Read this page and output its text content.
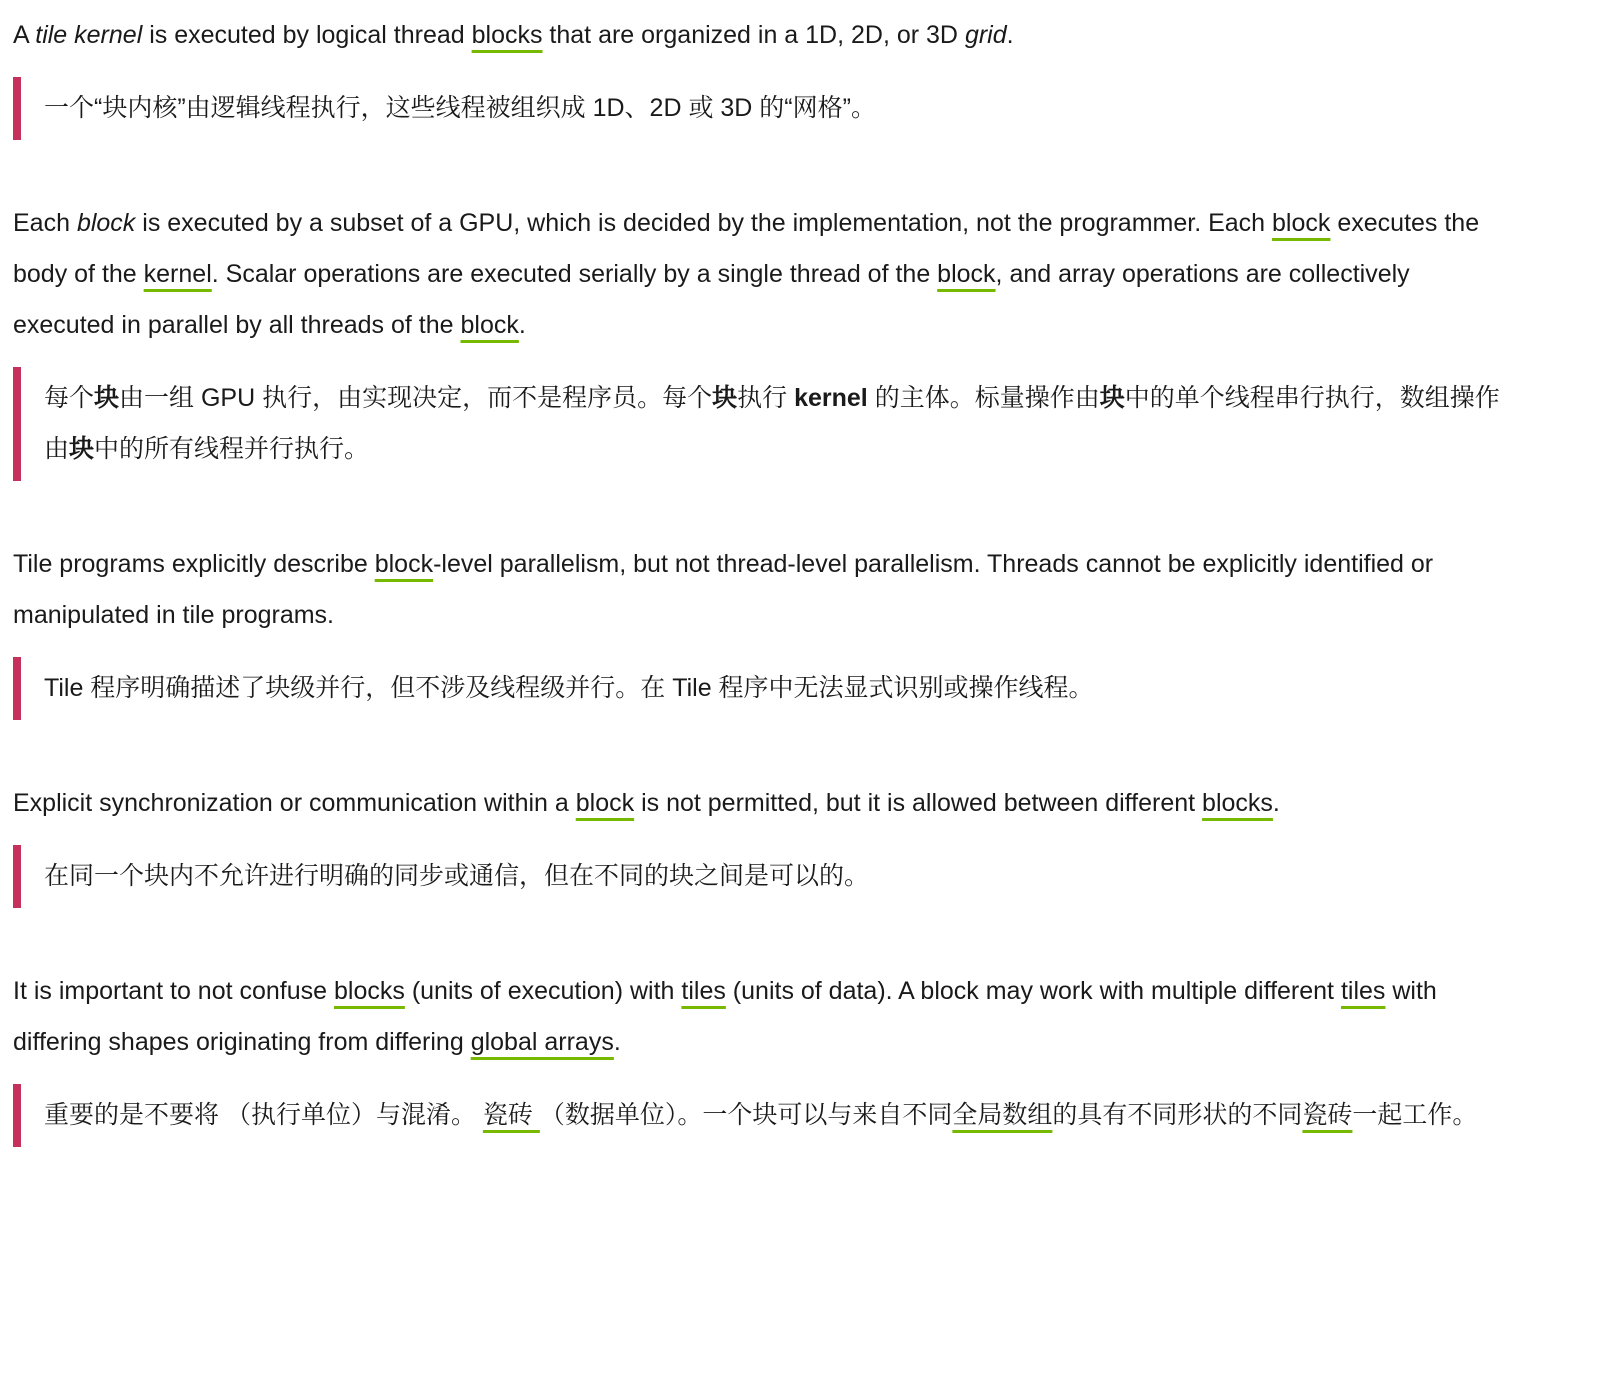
A tile kernel is executed by logical thread blocks that are organized in a 1D, 2D, or 3D grid.

一个“块内核”由逻辑线程执行，这些线程被组织成 1D、2D 或 3D 的“网格”。

Each block is executed by a subset of a GPU, which is decided by the implementation, not the programmer. Each block executes the body of the kernel. Scalar operations are executed serially by a single thread of the block, and array operations are collectively executed in parallel by all threads of the block.

每个块由一组 GPU 执行，由实现决定，而不是程序员。每个块执行 kernel 的主体。标量操作由块中的单个线程串行执行，数组操作由块中的所有线程并行执行。

Tile programs explicitly describe block-level parallelism, but not thread-level parallelism. Threads cannot be explicitly identified or manipulated in tile programs.

Tile 程序明确描述了块级并行，但不涉及线程级并行。在 Tile 程序中无法显式识别或操作线程。

Explicit synchronization or communication within a block is not permitted, but it is allowed between different blocks.

在同一个块内不允许进行明确的同步或通信，但在不同的块之间是可以的。

It is important to not confuse blocks (units of execution) with tiles (units of data). A block may work with multiple different tiles with differing shapes originating from differing global arrays.

重要的是不要将 （执行单位）与混淆。 瓷砖 （数据单位）。一个块可以与来自不同全局数组的具有不同形状的不同瓷砖一起工作。
